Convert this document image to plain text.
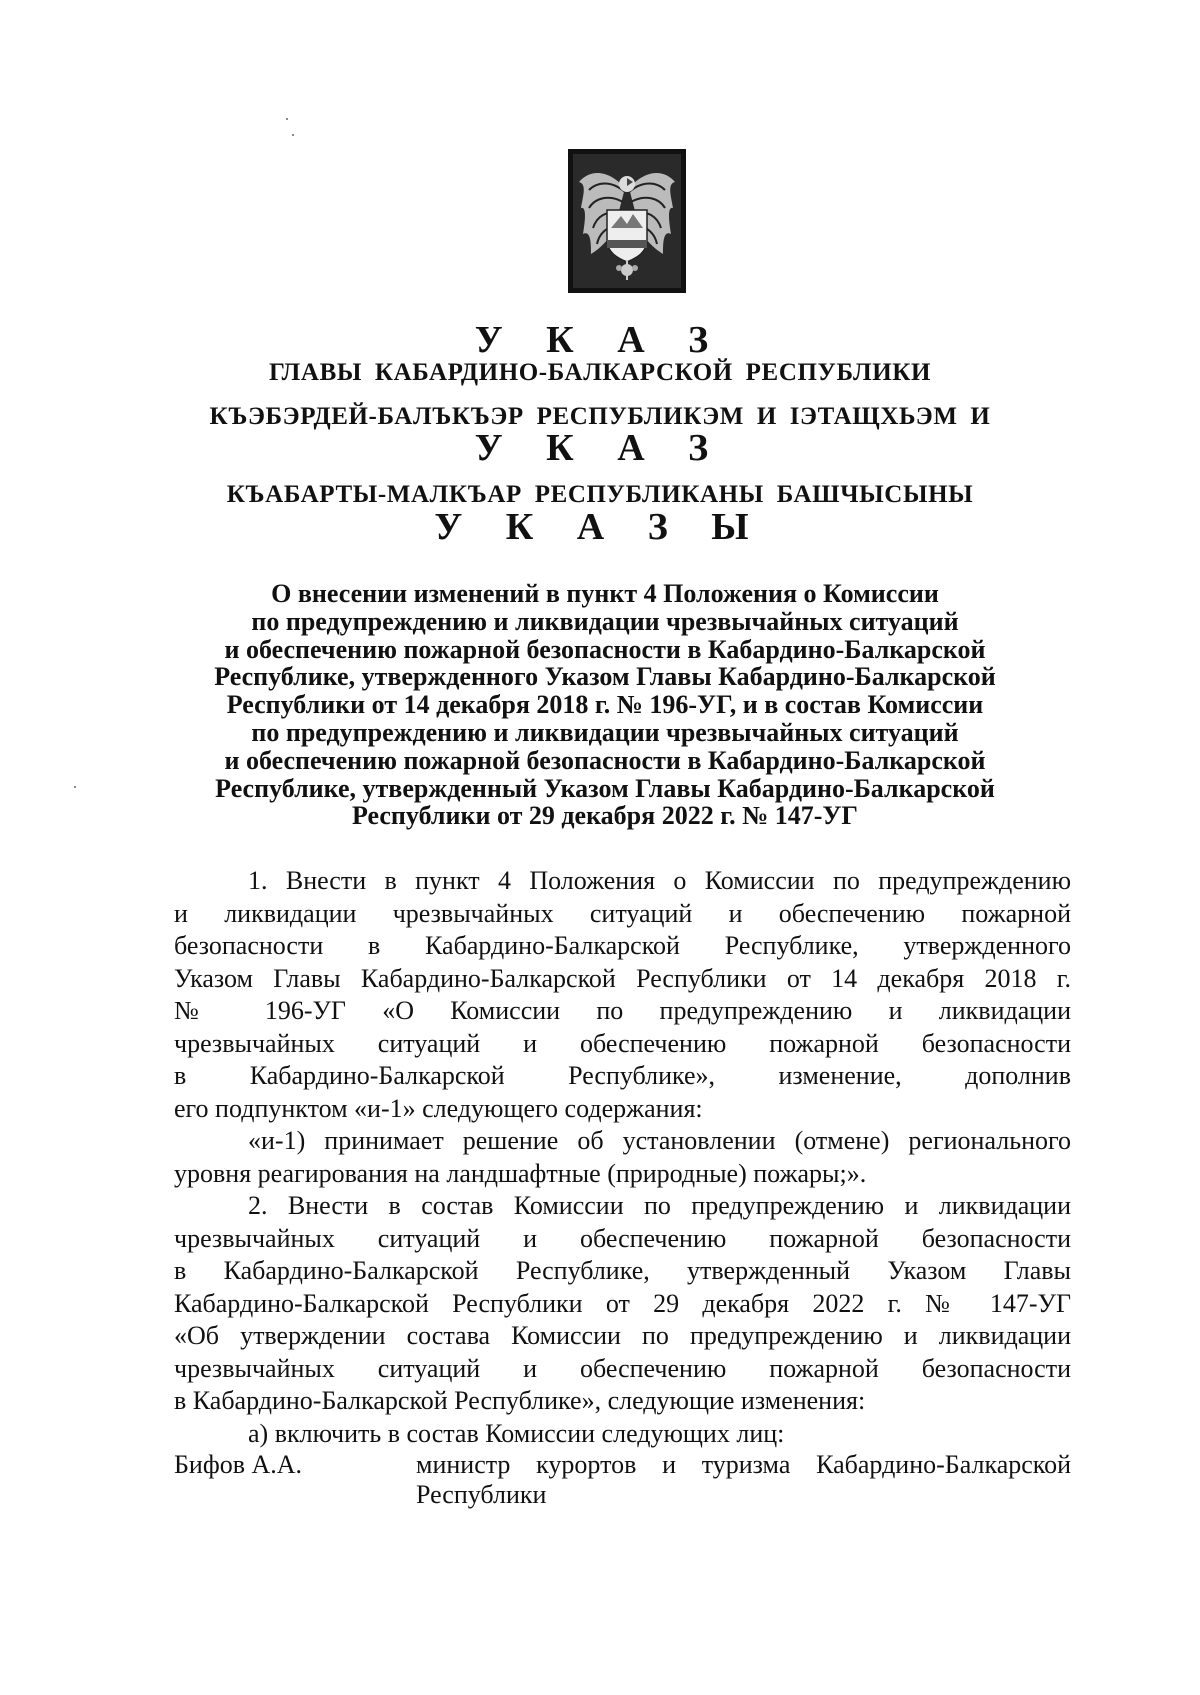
У К А З
ГЛАВЫ КАБАРДИНО-БАЛКАРСКОЙ РЕСПУБЛИКИ
КЪЭБЭРДЕЙ-БАЛЪКЪЭР РЕСПУБЛИКЭМ И ІЭТАЩХЬЭМ И
У К А З
КЪАБАРТЫ-МАЛКЪАР РЕСПУБЛИКАНЫ БАШЧЫСЫНЫ
У К А З Ы
О внесении изменений в пункт 4 Положения о Комиссии
по предупреждению и ликвидации чрезвычайных ситуаций
и обеспечению пожарной безопасности в Кабардино-Балкарской
Республике, утвержденного Указом Главы Кабардино-Балкарской
Республики от 14 декабря 2018 г. № 196-УГ, и в состав Комиссии
по предупреждению и ликвидации чрезвычайных ситуаций
и обеспечению пожарной безопасности в Кабардино-Балкарской
Республике, утвержденный Указом Главы Кабардино-Балкарской
Республики от 29 декабря 2022 г. № 147-УГ
1. Внести в пункт 4 Положения о Комиссии по предупреждению
и ликвидации чрезвычайных ситуаций и обеспечению пожарной
безопасности в Кабардино-Балкарской Республике, утвержденного
Указом Главы Кабардино-Балкарской Республики от 14 декабря 2018 г.
№ 196-УГ «О Комиссии по предупреждению и ликвидации
чрезвычайных ситуаций и обеспечению пожарной безопасности
в Кабардино-Балкарской Республике», изменение, дополнив
его подпунктом «и-1» следующего содержания:
«и-1) принимает решение об установлении (отмене) регионального
уровня реагирования на ландшафтные (природные) пожары;».
2. Внести в состав Комиссии по предупреждению и ликвидации
чрезвычайных ситуаций и обеспечению пожарной безопасности
в Кабардино-Балкарской Республике, утвержденный Указом Главы
Кабардино-Балкарской Республики от 29 декабря 2022 г. № 147-УГ
«Об утверждении состава Комиссии по предупреждению и ликвидации
чрезвычайных ситуаций и обеспечению пожарной безопасности
в Кабардино-Балкарской Республике», следующие изменения:
а) включить в состав Комиссии следующих лиц:
Бифов А.А.	министр курортов и туризма Кабардино-Балкарской
Республики
